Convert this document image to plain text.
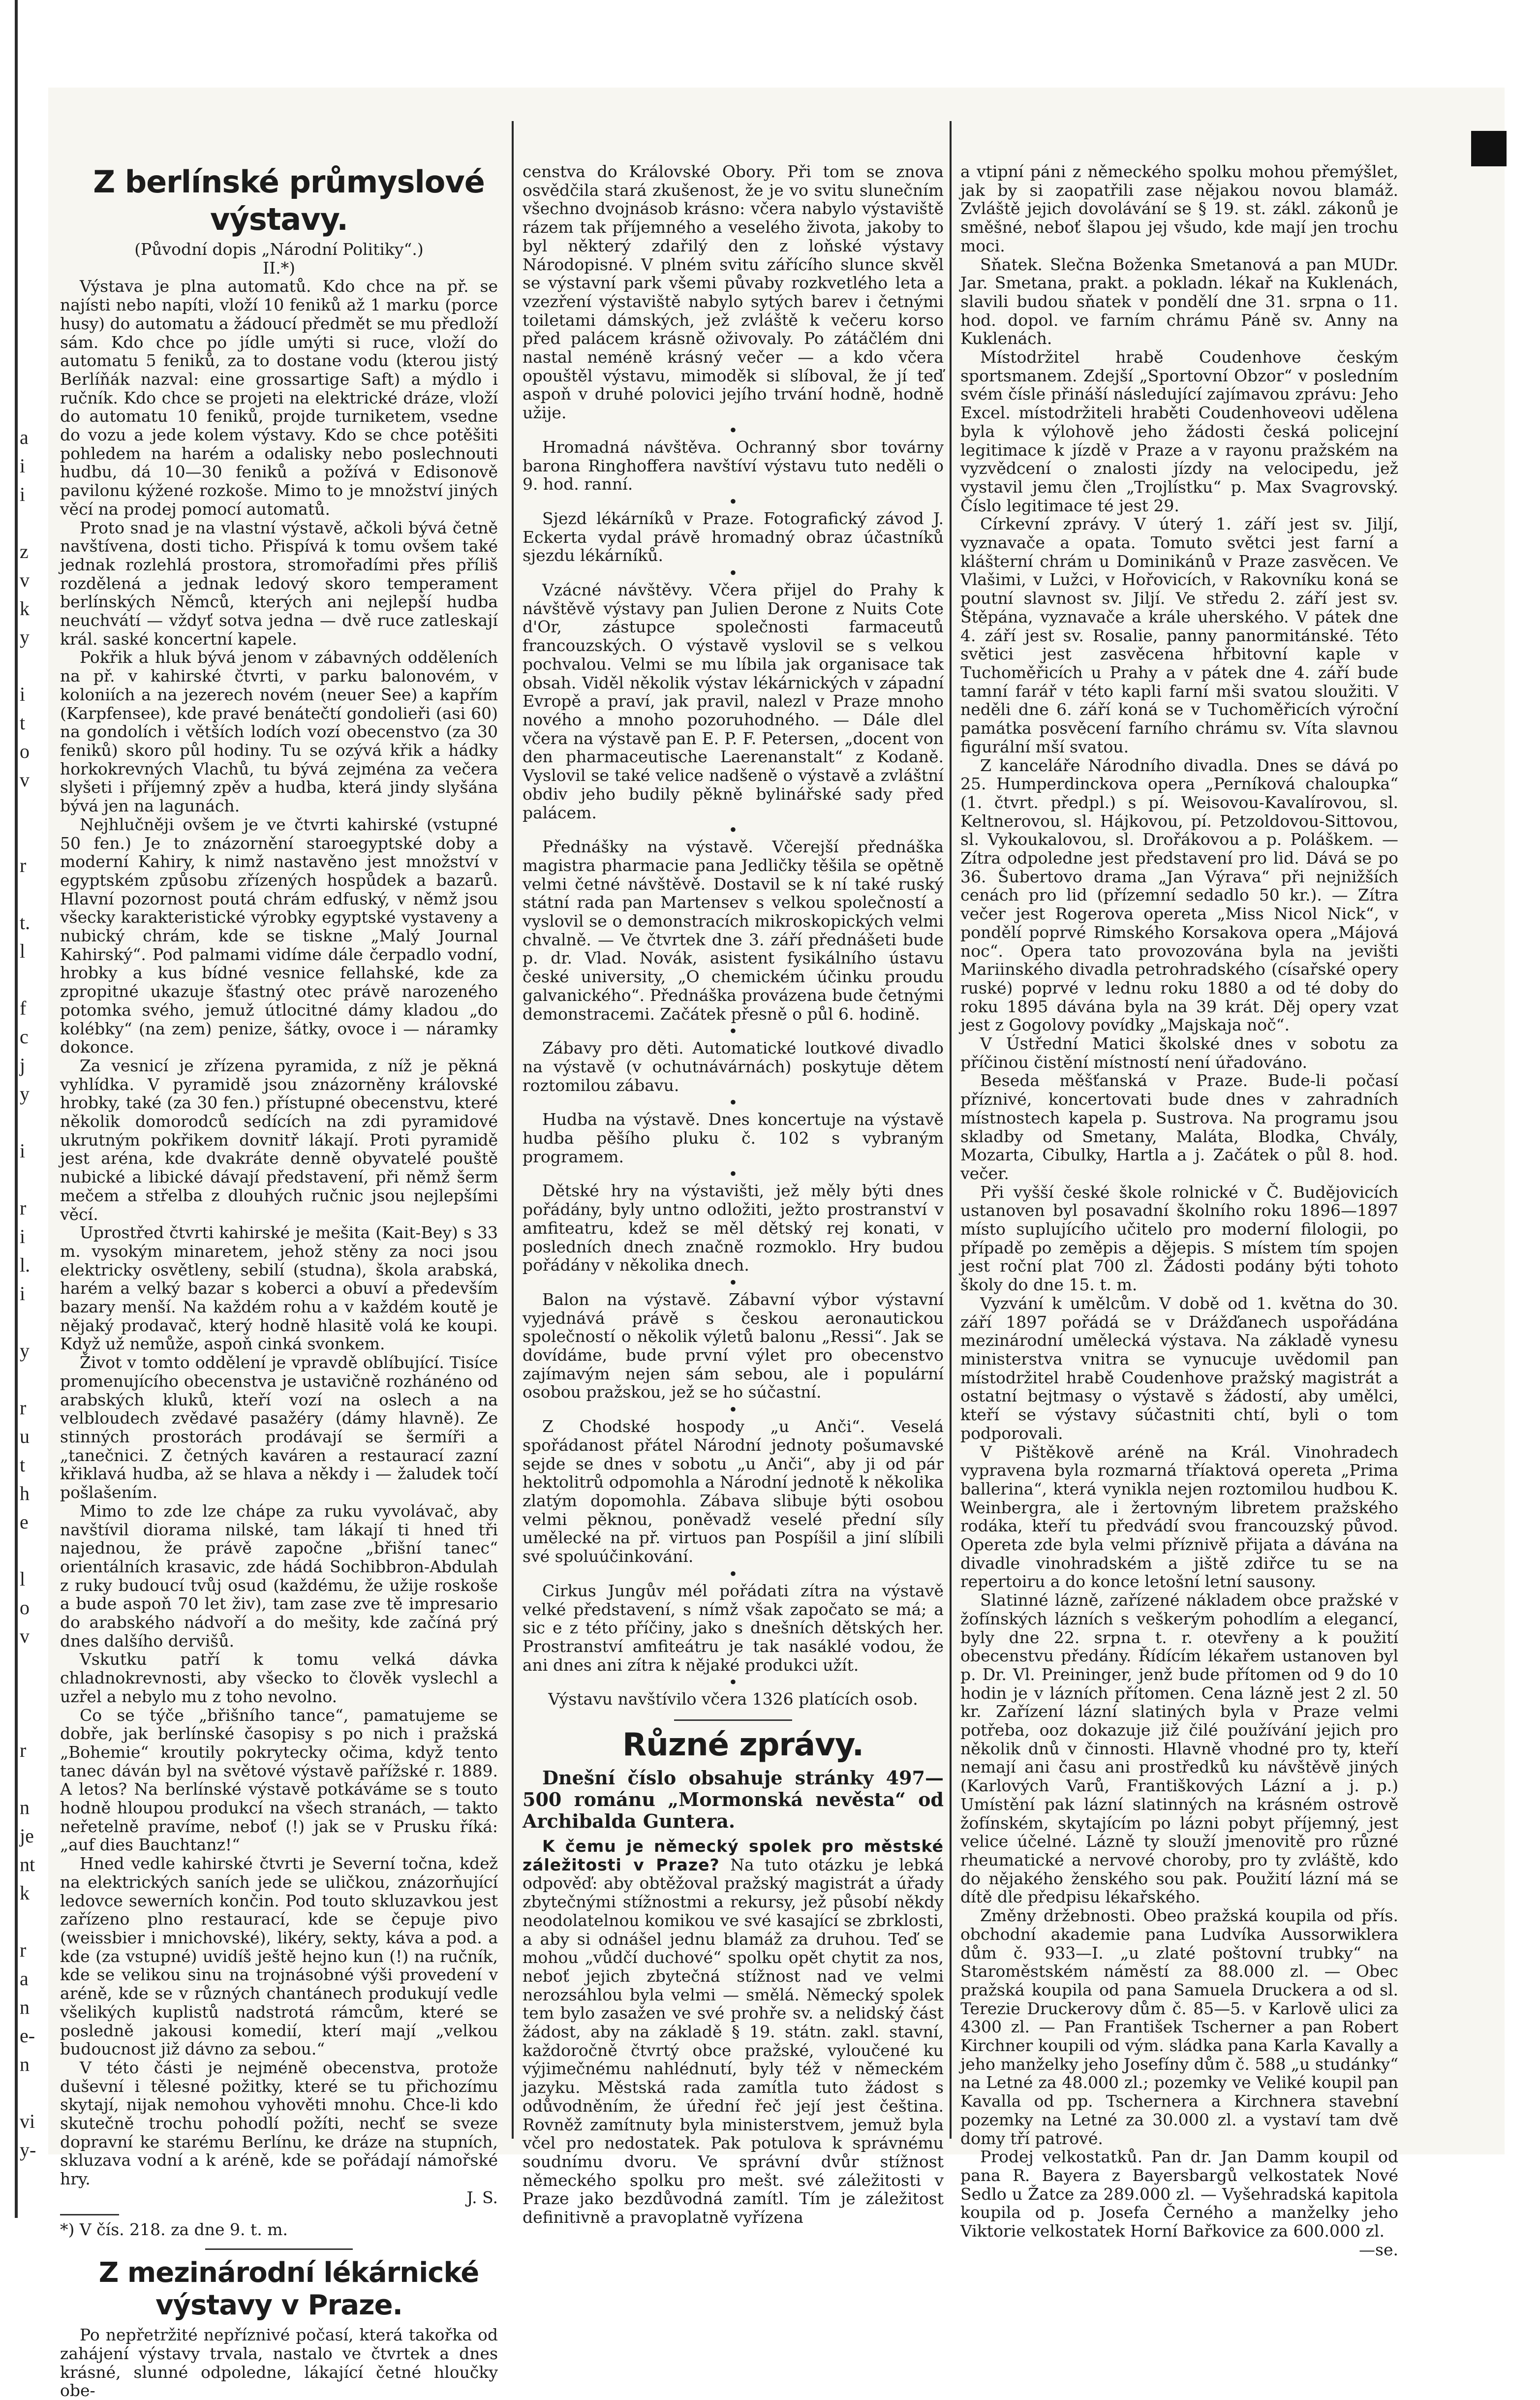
a
i
i

z
v
k
y

i
t
o
v

r

t.
l

f
c
j
y

i

r
i
l.
i

y

r
u
t
h
e

l
o
v

r

n
je
nt
k

r
a
n
e-
n

vi
y-

Z berlínské průmyslové výstavy.

(Původní dopis „Národní Politiky“.)

II.*)

Výstava je plna automatů. Kdo chce na př. se najísti nebo napíti, vloží 10 feniků až 1 marku (porce husy) do automatu a žádoucí předmět se mu předloží sám. Kdo chce po jídle umýti si ruce, vloží do automatu 5 feniků, za to dostane vodu (kterou jistý Berlíňák nazval: eine grossartige Saft) a mýdlo i ručník. Kdo chce se projeti na elektrické dráze, vloží do automatu 10 feniků, projde turniketem, vsedne do vozu a jede kolem výstavy. Kdo se chce potěšiti pohledem na harém a odalisky nebo poslechnouti hudbu, dá 10—30 feniků a požívá v Edisonově pavilonu kýžené rozkoše. Mimo to je množství jiných věcí na prodej pomocí automatů.

Proto snad je na vlastní výstavě, ačkoli bývá četně navštívena, dosti ticho. Přispívá k tomu ovšem také jednak rozlehlá prostora, stromořadími přes příliš rozdělená a jednak ledový skoro temperament berlínských Němců, kterých ani nejlepší hudba neuchvátí — vždyť sotva jedna — dvě ruce zatleskají král. saské koncertní kapele.

Pokřik a hluk bývá jenom v zábavných odděleních na př. v kahirské čtvrti, v parku balonovém, v koloniích a na jezerech novém (neuer See) a kapřím (Karpfensee), kde pravé benátečtí gondolieři (asi 60) na gondolích i větších lodích vozí obecenstvo (za 30 feniků) skoro půl hodiny. Tu se ozývá křik a hádky horkokrevných Vlachů, tu bývá zejména za večera slyšeti i příjemný zpěv a hudba, která jindy slyšána bývá jen na lagunách.

Nejhlučněji ovšem je ve čtvrti kahirské (vstupné 50 fen.) Je to znázornění staroegyptské doby a moderní Kahiry, k nimž nastavěno jest množství v egyptském způsobu zřízených hospůdek a bazarů. Hlavní pozornost poutá chrám edfuský, v němž jsou všecky karakteristické výrobky egyptské vystaveny a nubický chrám, kde se tiskne „Malý Journal Kahirský“. Pod palmami vidíme dále čerpadlo vodní, hrobky a kus bídné vesnice fellahské, kde za zpropitné ukazuje šťastný otec právě narozeného potomka svého, jemuž útlocitné dámy kladou „do kolébky“ (na zem) penize, šátky, ovoce i — náramky dokonce.

Za vesnicí je zřízena pyramida, z níž je pěkná vyhlídka. V pyramidě jsou znázorněny královské hrobky, také (za 30 fen.) přístupné obecenstvu, které několik domorodců sedících na zdi pyramidové ukrutným pokřikem dovnitř lákají. Proti pyramidě jest aréna, kde dvakráte denně obyvatelé pouště nubické a libické dávají představení, při němž šerm mečem a střelba z dlouhých ručnic jsou nejlepšími věcí.

Uprostřed čtvrti kahirské je mešita (Kait-Bey) s 33 m. vysokým minaretem, jehož stěny za noci jsou elektricky osvětleny, sebilí (studna), škola arabská, harém a velký bazar s koberci a obuví a především bazary menší. Na každém rohu a v každém koutě je nějaký prodavač, který hodně hlasitě volá ke koupi. Když už nemůže, aspoň cinká svonkem.

Život v tomto oddělení je vpravdě oblíbující. Tisíce promenujícího obecenstva je ustavičně rozhánéno od arabských kluků, kteří vozí na oslech a na velbloudech zvědavé pasažéry (dámy hlavně). Ze stinných prostorách prodávají se šermíři a „tanečnici. Z četných kaváren a restaurací zazní křiklavá hudba, až se hlava a někdy i — žaludek točí pošlašením.

Mimo to zde lze chápe za ruku vyvolávač, aby navštívil diorama nilské, tam lákají ti hned tři najednou, že právě započne „břišní tanec“ orientálních krasavic, zde hádá Sochibbron-Abdulah z ruky budoucí tvůj osud (každému, že užije roskoše a bude aspoň 70 let živ), tam zase zve tě impresario do arabského nádvoří a do mešity, kde začíná prý dnes dalšího dervišů.

Vskutku patří k tomu velká dávka chladnokrevnosti, aby všecko to člověk vyslechl a uzřel a nebylo mu z toho nevolno.

Co se týče „břišního tance“, pamatujeme se dobře, jak berlínské časopisy s po nich i pražská „Bohemie“ kroutily pokrytecky očima, když tento tanec dáván byl na světové výstavě pařížské r. 1889. A letos? Na berlínské výstavě potkáváme se s touto hodně hloupou produkcí na všech stranách, — takto neřetelně pravíme, neboť (!) jak se v Prusku říká: „auf dies Bauchtanz!“

Hned vedle kahirské čtvrti je Severní točna, kdež na elektrických saních jede se uličkou, znázorňující ledovce sewerních končin. Pod touto skluzavkou jest zařízeno plno restaurací, kde se čepuje pivo (weissbier i mnichovské), likéry, sekty, káva a pod. a kde (za vstupné) uvidíš ještě hejno kun (!) na ručník, kde se velikou sinu na trojnásobné výši provedení v aréně, kde se v různých chantánech produkují vedle všelikých kuplistů nadstrotá rámcům, které se posledně jakousi komedií, kterí mají „velkou budoucnost již dávno za sebou.“

V této části je nejméně obecenstva, protože duševní i tělesné požitky, které se tu přichozímu skytají, nijak nemohou vyhověti mnohu. Chce-li kdo skutečně trochu pohodlí požíti, nechť se sveze dopravní ke starému Berlínu, ke dráze na stupních, skluzava vodní a k aréně, kde se pořádají námořské hry.

J. S.

*) V čís. 218. za dne 9. t. m.

Z mezinárodní lékárnické výstavy v Praze.

Po nepřetržité nepříznivé počasí, která takořka od zahájení výstavy trvala, nastalo ve čtvrtek a dnes krásné, slunné odpoledne, lákající četné hloučky obe-

censtva do Královské Obory. Při tom se znova osvědčila stará zkušenost, že je vo svitu slunečním všechno dvojnásob krásno: včera nabylo výstaviště rázem tak příjemného a veselého života, jakoby to byl některý zdařilý den z loňské výstavy Národopisné. V plném svitu zářícího slunce skvěl se výstavní park všemi půvaby rozkvetlého leta a vzezření výstaviště nabylo sytých barev i četnými toiletami dámských, jež zvláště k večeru korso před palácem krásně oživovaly. Po zátáčlém dni nastal neméně krásný večer — a kdo včera opouštěl výstavu, mimoděk si slíboval, že jí teď aspoň v druhé polovici jejího trvání hodně, hodně užije.

•

Hromadná návštěva. Ochranný sbor továrny barona Ringhoffera navštíví výstavu tuto neděli o 9. hod. ranní.

•

Sjezd lékárníků v Praze. Fotografický závod J. Eckerta vydal právě hromadný obraz účastníků sjezdu lékárníků.

•

Vzácné návštěvy. Včera přijel do Prahy k návštěvě výstavy pan Julien Derone z Nuits Cote d'Or, zástupce společnosti farmaceutů francouzských. O výstavě vyslovil se s velkou pochvalou. Velmi se mu líbila jak organisace tak obsah. Viděl několik výstav lékárnických v západní Evropě a praví, jak pravil, nalezl v Praze mnoho nového a mnoho pozoruhodného. — Dále dlel včera na výstavě pan E. P. F. Petersen, „docent von den pharmaceutische Laerenanstalt“ z Kodaně. Vyslovil se také velice nadšeně o výstavě a zvláštní obdiv jeho budily pěkně bylinářské sady před palácem.

•

Přednášky na výstavě. Včerejší přednáška magistra pharmacie pana Jedličky těšila se opětně velmi četné návštěvě. Dostavil se k ní také ruský státní rada pan Martensev s velkou společností a vyslovil se o demonstracích mikroskopických velmi chvalně. — Ve čtvrtek dne 3. září přednášeti bude p. dr. Vlad. Novák, asistent fysikálního ústavu české university, „O chemickém účinku proudu galvanického“. Přednáška provázena bude četnými demonstracemi. Začátek přesně o půl 6. hodině.

•

Zábavy pro děti. Automatické loutkové divadlo na výstavě (v ochutnávárnách) poskytuje dětem roztomilou zábavu.

•

Hudba na výstavě. Dnes koncertuje na výstavě hudba pěšího pluku č. 102 s vybraným programem.

•

Dětské hry na výstavišti, jež měly býti dnes pořádány, byly untno odložiti, ježto prostranství v amfiteatru, kdež se měl dětský rej konati, v posledních dnech značně rozmoklo. Hry budou pořádány v několika dnech.

•

Balon na výstavě. Zábavní výbor výstavní vyjednává právě s českou aeronautickou společností o několik výletů balonu „Ressi“. Jak se dovídáme, bude první výlet pro obecenstvo zajímavým nejen sám sebou, ale i populární osobou pražskou, jež se ho súčastní.

•

Z Chodské hospody „u Anči“. Veselá spořádanost přátel Národní jednoty pošumavské sejde se dnes v sobotu „u Anči“, aby ji od pár hektolitrů odpomohla a Národní jednotě k několika zlatým dopomohla. Zábava slibuje býti osobou velmi pěknou, poněvadž veselé přední síly umělecké na př. virtuos pan Pospíšil a jiní slíbili své spoluúčinkování.

•

Cirkus Jungův mél pořádati zítra na výstavě velké představení, s nímž však započato se má; a sic e z této příčiny, jako s dnešních dětských her. Prostranství amfiteátru je tak nasáklé vodou, že ani dnes ani zítra k nějaké produkci užít.

•

Výstavu navštívilo včera 1326 platících osob.

Různé zprávy.

Dnešní číslo obsahuje stránky 497—500 románu „Mormonská nevěsta“ od Archibalda Guntera.

K čemu je německý spolek pro městské záležitosti v Praze? Na tuto otázku je lebká odpověď: aby obtěžoval pražský magistrát a úřady zbytečnými stížnostmi a rekursy, jež působí někdy neodolatelnou komikou ve své kasající se zbrklosti, a aby si odnášel jednu blamáž za druhou. Teď se mohou „vůdčí duchové“ spolku opět chytit za nos, neboť jejich zbytečná stížnost nad ve velmi nerozsáhlou byla velmi — smělá. Německý spolek tem bylo zasažen ve své prohře sv. a nelidský část žádost, aby na základě § 19. státn. zakl. stavní, každoročně čtvrtý obce pražské, vyloučené ku výjimečnému nahlédnutí, byly též v německém jazyku. Městská rada zamítla tuto žádost s odůvodněním, že úřední řeč její jest čeština. Rovněž zamítnuty byla ministerstvem, jemuž byla včel pro nedostatek. Pak potulova k správnému soudnímu dvoru. Ve správní dvůr stížnost německého spolku pro mešt. své záležitosti v Praze jako bezdůvodná zamítl. Tím je záležitost definitivně a pravoplatně vyřízena

a vtipní páni z německého spolku mohou přemýšlet, jak by si zaopatřili zase nějakou novou blamáž. Zvláště jejich dovolávání se § 19. st. zákl. zákonů je směšné, neboť šlapou jej všudo, kde mají jen trochu moci.

Sňatek. Slečna Boženka Smetanová a pan MUDr. Jar. Smetana, prakt. a pokladn. lékař na Kuklenách, slavili budou sňatek v pondělí dne 31. srpna o 11. hod. dopol. ve farním chrámu Páně sv. Anny na Kuklenách.

Místodržitel hrabě Coudenhove českým sportsmanem. Zdejší „Sportovní Obzor“ v posledním svém čísle přináší následující zajímavou zprávu: Jeho Excel. místodržiteli hraběti Coudenhoveovi udělena byla k výlohově jeho žádosti česká policejní legitimace k jízdě v Praze a v rayonu pražském na vyzvědcení o znalosti jízdy na velocipedu, jež vystavil jemu člen „Trojlístku“ p. Max Svagrovský. Číslo legitimace té jest 29.

Církevní zprávy. V úterý 1. září jest sv. Jiljí, vyznavače a opata. Tomuto světci jest farní a klášterní chrám u Dominikánů v Praze zasvěcen. Ve Vlašimi, v Lužci, v Hořovicích, v Rakovníku koná se poutní slavnost sv. Jiljí. Ve středu 2. září jest sv. Štěpána, vyznavače a krále uherského. V pátek dne 4. září jest sv. Rosalie, panny panormitánské. Této světici jest zasvěcena hřbitovní kaple v Tuchoměřicích u Prahy a v pátek dne 4. září bude tamní farář v této kapli farní mši svatou sloužiti. V neděli dne 6. září koná se v Tuchoměřicích výroční památka posvěcení farního chrámu sv. Víta slavnou figurální mší svatou.

Z kanceláře Národního divadla. Dnes se dává po 25. Humperdinckova opera „Perníková chaloupka“ (1. čtvrt. předpl.) s pí. Weisovou-Kavalírovou, sl. Keltnerovou, sl. Hájkovou, pí. Petzoldovou-Sittovou, sl. Vykoukalovou, sl. Drořákovou a p. Poláškem. — Zítra odpoledne jest představení pro lid. Dává se po 36. Šubertovo drama „Jan Výrava“ při nejnižších cenách pro lid (přízemní sedadlo 50 kr.). — Zítra večer jest Rogerova opereta „Miss Nicol Nick“, v pondělí poprvé Rimského Korsakova opera „Májová noc“. Opera tato provozována byla na jevišti Mariinského divadla petrohradského (císařské opery ruské) poprvé v lednu roku 1880 a od té doby do roku 1895 dávána byla na 39 krát. Děj opery vzat jest z Gogolovy povídky „Majskaja noč“.

V Ústřední Matici školské dnes v sobotu za příčinou čistění místností není úřadováno.

Beseda měšťanská v Praze. Bude-li počasí příznivé, koncertovati bude dnes v zahradních místnostech kapela p. Sustrova. Na programu jsou skladby od Smetany, Maláta, Blodka, Chvály, Mozarta, Cibulky, Hartla a j. Začátek o půl 8. hod. večer.

Při vyšší české škole rolnické v Č. Budějovicích ustanoven byl posavadní školního roku 1896—1897 místo suplujícího učitelo pro moderní filologii, po případě po zeměpis a dějepis. S místem tím spojen jest roční plat 700 zl. Žádosti podány býti tohoto školy do dne 15. t. m.

Vyzvání k umělcům. V době od 1. května do 30. září 1897 pořádá se v Drážďanech uspořádána mezinárodní umělecká výstava. Na základě vynesu ministerstva vnitra se vynucuje uvědomil pan místodržitel hrabě Coudenhove pražský magistrát a ostatní bejtmasy o výstavě s žádostí, aby umělci, kteří se výstavy súčastniti chtí, byli o tom podporovali.

V Pištěkově aréně na Král. Vinohradech vypravena byla rozmarná tříaktová opereta „Prima ballerina“, která vynikla nejen roztomilou hudbou K. Weinbergra, ale i žertovným libretem pražského rodáka, kteří tu předvádí svou francouzský původ. Opereta zde byla velmi příznivě přijata a dávána na divadle vinohradském a jiště zdiřce tu se na repertoiru a do konce letošní letní sausony.

Slatinné lázně, zařízené nákladem obce pražské v žofínských lázních s veškerým pohodlím a elegancí, byly dne 22. srpna t. r. otevřeny a k použití obecenstvu předány. Řídícím lékařem ustanoven byl p. Dr. Vl. Preininger, jenž bude přítomen od 9 do 10 hodin je v lázních přítomen. Cena lázně jest 2 zl. 50 kr. Zařízení lázní slatiných byla v Praze velmi potřeba, ooz dokazuje již čilé používání jejich pro několik dnů v činnosti. Hlavně vhodné pro ty, kteří nemají ani času ani prostředků ku návštěvě jiných (Karlových Varů, Františkových Lázní a j. p.) Umístění pak lázní slatinných na krásném ostrově žofínském, skytajícím po lázni pobyt příjemný, jest velice účelné. Lázně ty slouží jmenovitě pro různé rheumatické a nervové choroby, pro ty zvláště, kdo do nějakého ženského sou pak. Použití lázní má se dítě dle předpisu lékařského.

Změny držebnosti. Obeo pražská koupila od přís. obchodní akademie pana Ludvíka Aussorwiklera dům č. 933—I. „u zlaté poštovní trubky“ na Staroměstském náměstí za 88.000 zl. — Obec pražská koupila od pana Samuela Druckera a od sl. Terezie Druckerovy dům č. 85—5. v Karlově ulici za 4300 zl. — Pan František Tscherner a pan Robert Kirchner koupili od vým. sládka pana Karla Kavally a jeho manželky jeho Josefíny dům č. 588 „u studánky“ na Letné za 48.000 zl.; pozemky ve Veliké koupil pan Kavalla od pp. Tschernera a Kirchnera stavební pozemky na Letné za 30.000 zl. a vystaví tam dvě domy tří patrové.

Prodej velkostatků. Pan dr. Jan Damm koupil od pana R. Bayera z Bayersbargů velkostatek Nové Sedlo u Žatce za 289.000 zl. — Vyšehradská kapitola koupila od p. Josefa Černého a manželky jeho Viktorie velkostatek Horní Bařkovice za 600.000 zl.

—se.
